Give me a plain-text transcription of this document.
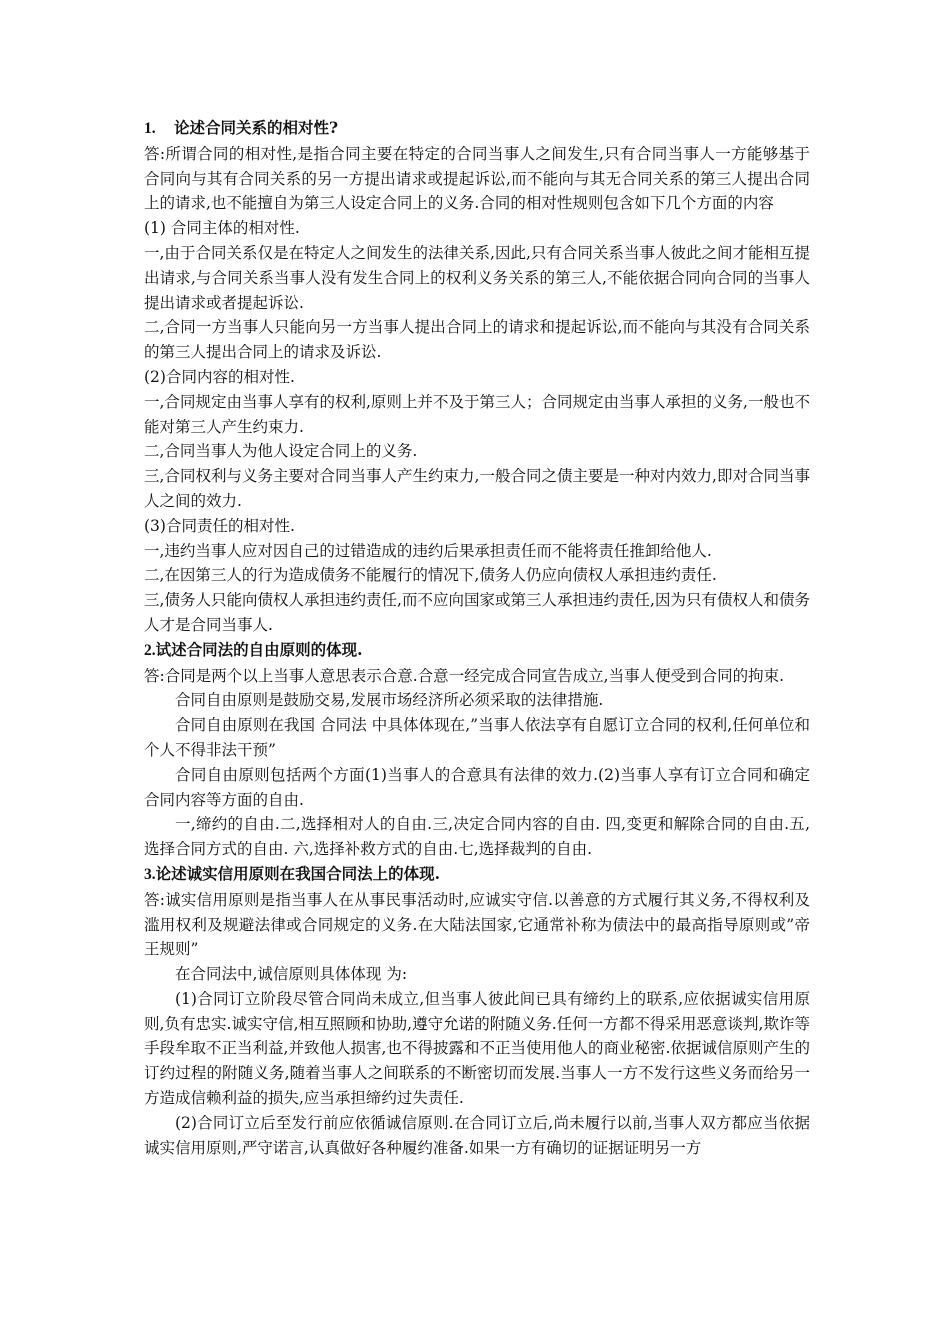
1. 论述合同关系的相对性?

答:所谓合同的相对性,是指合同主要在特定的合同当事人之间发生,只有合同当事人一方能够基于合同向与其有合同关系的另一方提出请求或提起诉讼,而不能向与其无合同关系的第三人提出合同上的请求,也不能擅自为第三人设定合同上的义务.合同的相对性规则包含如下几个方面的内容

(1) 合同主体的相对性.

一,由于合同关系仅是在特定人之间发生的法律关系,因此,只有合同关系当事人彼此之间才能相互提出请求,与合同关系当事人没有发生合同上的权利义务关系的第三人,不能依据合同向合同的当事人提出请求或者提起诉讼.

二,合同一方当事人只能向另一方当事人提出合同上的请求和提起诉讼,而不能向与其没有合同关系的第三人提出合同上的请求及诉讼.

(2)合同内容的相对性.

一,合同规定由当事人享有的权利,原则上并不及于第三人；合同规定由当事人承担的义务,一般也不能对第三人产生约束力.

二,合同当事人为他人设定合同上的义务.

三,合同权利与义务主要对合同当事人产生约束力,一般合同之债主要是一种对内效力,即对合同当事人之间的效力.

(3)合同责任的相对性.

一,违约当事人应对因自己的过错造成的违约后果承担责任而不能将责任推卸给他人.

二,在因第三人的行为造成债务不能履行的情况下,债务人仍应向债权人承担违约责任.

三,债务人只能向债权人承担违约责任,而不应向国家或第三人承担违约责任,因为只有债权人和债务人才是合同当事人.

2.试述合同法的自由原则的体现.

答:合同是两个以上当事人意思表示合意.合意一经完成合同宣告成立,当事人便受到合同的拘束.

合同自由原则是鼓励交易,发展市场经济所必须采取的法律措施.

合同自由原则在我国 合同法 中具体体现在,”当事人依法享有自愿订立合同的权利,任何单位和个人不得非法干预”

合同自由原则包括两个方面(1)当事人的合意具有法律的效力.(2)当事人享有订立合同和确定合同内容等方面的自由.

一,缔约的自由.二,选择相对人的自由.三,决定合同内容的自由. 四,变更和解除合同的自由.五,选择合同方式的自由. 六,选择补救方式的自由.七,选择裁判的自由.

3.论述诚实信用原则在我国合同法上的体现.

答:诚实信用原则是指当事人在从事民事活动时,应诚实守信.以善意的方式履行其义务,不得权利及滥用权利及规避法律或合同规定的义务.在大陆法国家,它通常补称为债法中的最高指导原则或”帝王规则”

在合同法中,诚信原则具体体现 为:

(1)合同订立阶段尽管合同尚未成立,但当事人彼此间已具有缔约上的联系,应依据诚实信用原则,负有忠实.诚实守信,相互照顾和协助,遵守允诺的附随义务.任何一方都不得采用恶意谈判,欺诈等手段牟取不正当利益,并致他人损害,也不得披露和不正当使用他人的商业秘密.依据诚信原则产生的订约过程的附随义务,随着当事人之间联系的不断密切而发展.当事人一方不发行这些义务而给另一方造成信赖利益的损失,应当承担缔约过失责任.

(2)合同订立后至发行前应依循诚信原则.在合同订立后,尚未履行以前,当事人双方都应当依据诚实信用原则,严守诺言,认真做好各种履约准备.如果一方有确切的证据证明另一方
